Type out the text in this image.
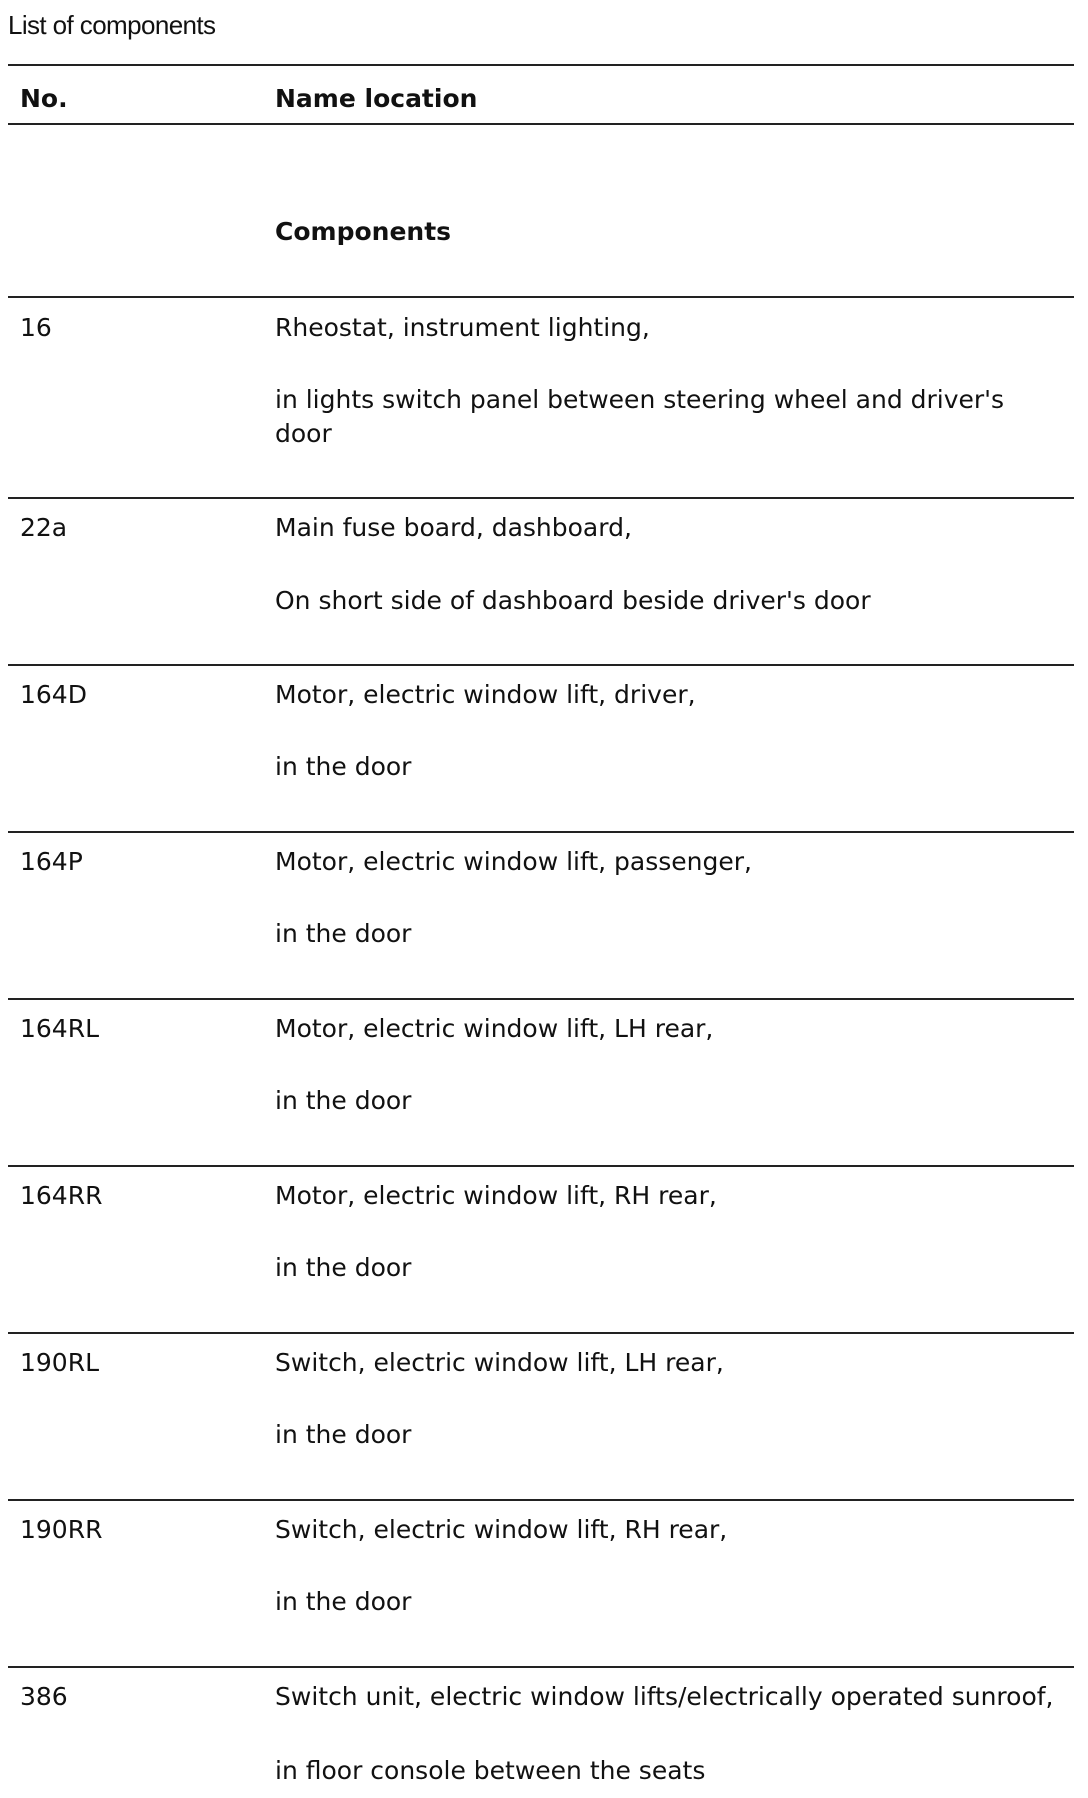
List of components
No.	Name location
Components
16	Rheostat, instrument lighting,
in lights switch panel between steering wheel and driver's door
22a	Main fuse board, dashboard,
On short side of dashboard beside driver's door
164D	Motor, electric window lift, driver,
in the door
164P	Motor, electric window lift, passenger,
in the door
164RL	Motor, electric window lift, LH rear,
in the door
164RR	Motor, electric window lift, RH rear,
in the door
190RL	Switch, electric window lift, LH rear,
in the door
190RR	Switch, electric window lift, RH rear,
in the door
386	Switch unit, electric window lifts/electrically operated sunroof,
in floor console between the seats
